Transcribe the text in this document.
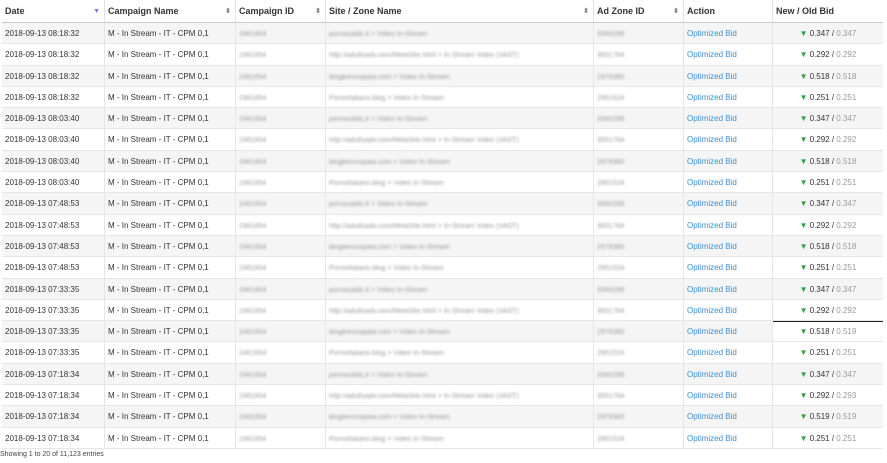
Date	▼ Campaign Name	⬍ Campaign ID	⬍ Site / Zone Name	⬍ Ad Zone ID	⬍ Action	New / Old Bid
2018-09-13 08:18:32	M - In Stream - IT - CPM 0,1	2461654	pornocaldo.it > Video In-Stream	3060288	Optimized Bid	▼ 0.347 / 0.347
2018-09-13 08:18:32	M - In Stream - IT - CPM 0,1	2461654	http://adultsadv.com/MetaSite.html > In-Stream Video (VAST)	3001764	Optimized Bid	▼ 0.292 / 0.292
2018-09-13 08:18:32	M - In Stream - IT - CPM 0,1	2461654	blogleexcopata.com > Video In-Stream	2979380	Optimized Bid	▼ 0.518 / 0.518
2018-09-13 08:18:32	M - In Stream - IT - CPM 0,1	2461654	PornoItaliano.blog > Video In-Stream	2951524	Optimized Bid	▼ 0.251 / 0.251
2018-09-13 08:03:40	M - In Stream - IT - CPM 0,1	2461654	pornocaldo.it > Video In-Stream	3060288	Optimized Bid	▼ 0.347 / 0.347
2018-09-13 08:03:40	M - In Stream - IT - CPM 0,1	2461654	http://adultsadv.com/MetaSite.html > In-Stream Video (VAST)	3001764	Optimized Bid	▼ 0.292 / 0.292
2018-09-13 08:03:40	M - In Stream - IT - CPM 0,1	2461654	blogleexcopata.com > Video In-Stream	2979380	Optimized Bid	▼ 0.518 / 0.518
2018-09-13 08:03:40	M - In Stream - IT - CPM 0,1	2461654	PornoItaliano.blog > Video In-Stream	2951524	Optimized Bid	▼ 0.251 / 0.251
2018-09-13 07:48:53	M - In Stream - IT - CPM 0,1	2461654	pornocaldo.it > Video In-Stream	3060288	Optimized Bid	▼ 0.347 / 0.347
2018-09-13 07:48:53	M - In Stream - IT - CPM 0,1	2461654	http://adultsadv.com/MetaSite.html > In-Stream Video (VAST)	3001764	Optimized Bid	▼ 0.292 / 0.292
2018-09-13 07:48:53	M - In Stream - IT - CPM 0,1	2461654	blogleexcopata.com > Video In-Stream	2979380	Optimized Bid	▼ 0.518 / 0.518
2018-09-13 07:48:53	M - In Stream - IT - CPM 0,1	2461654	PornoItaliano.blog > Video In-Stream	2951524	Optimized Bid	▼ 0.251 / 0.251
2018-09-13 07:33:35	M - In Stream - IT - CPM 0,1	2461654	pornocaldo.it > Video In-Stream	3060288	Optimized Bid	▼ 0.347 / 0.347
2018-09-13 07:33:35	M - In Stream - IT - CPM 0,1	2461654	http://adultsadv.com/MetaSite.html > In-Stream Video (VAST)	3001764	Optimized Bid	▼ 0.292 / 0.292
2018-09-13 07:33:35	M - In Stream - IT - CPM 0,1	2461654	blogleexcopata.com > Video In-Stream	2979380	Optimized Bid	▼ 0.518 / 0.519
2018-09-13 07:33:35	M - In Stream - IT - CPM 0,1	2461654	PornoItaliano.blog > Video In-Stream	2951524	Optimized Bid	▼ 0.251 / 0.251
2018-09-13 07:18:34	M - In Stream - IT - CPM 0,1	2461654	pornocaldo.it > Video In-Stream	3060288	Optimized Bid	▼ 0.347 / 0.347
2018-09-13 07:18:34	M - In Stream - IT - CPM 0,1	2461654	http://adultsadv.com/MetaSite.html > In-Stream Video (VAST)	3001764	Optimized Bid	▼ 0.292 / 0.293
2018-09-13 07:18:34	M - In Stream - IT - CPM 0,1	2461654	blogleexcopata.com > Video In-Stream	2979380	Optimized Bid	▼ 0.519 / 0.519
2018-09-13 07:18:34	M - In Stream - IT - CPM 0,1	2461654	PornoItaliano.blog > Video In-Stream	2951524	Optimized Bid	▼ 0.251 / 0.251
Showing 1 to 20 of 11,123 entries
